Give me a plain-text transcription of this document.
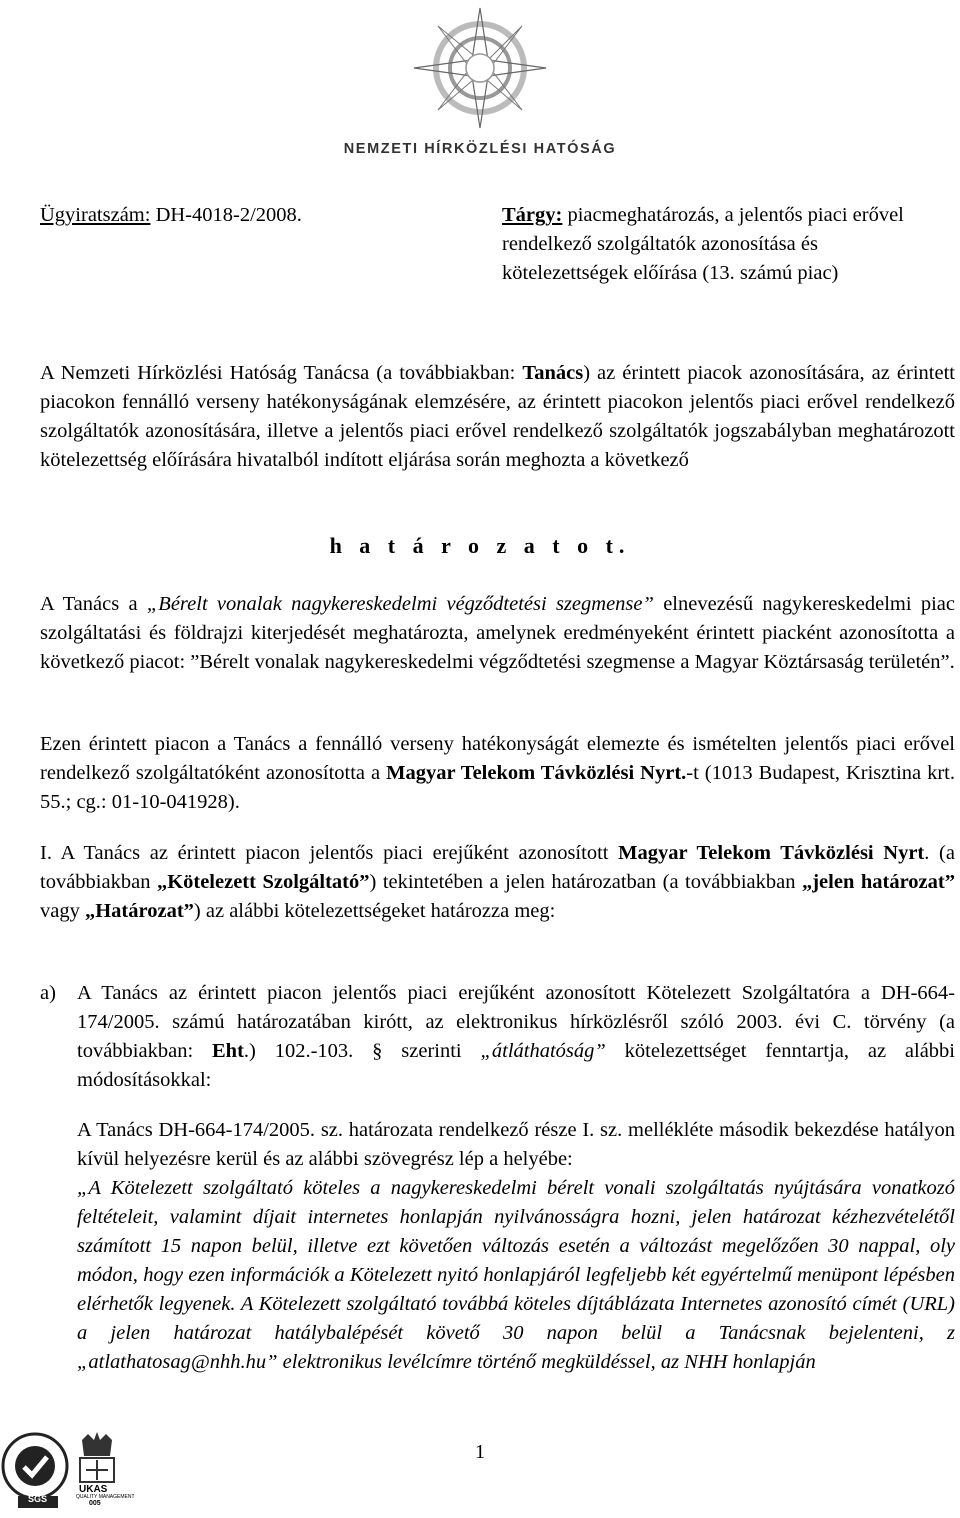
NEMZETI HÍRKÖZLÉSI HATÓSÁG
Ügyiratszám: DH-4018-2/2008.	Tárgy: piacmeghatározás, a jelentős piaci erővel rendelkező szolgáltatók azonosítása és kötelezettségek előírása (13. számú piac)
A Nemzeti Hírközlési Hatóság Tanácsa (a továbbiakban: Tanács) az érintett piacok azonosítására, az érintett piacokon fennálló verseny hatékonyságának elemzésére, az érintett piacokon jelentős piaci erővel rendelkező szolgáltatók azonosítására, illetve a jelentős piaci erővel rendelkező szolgáltatók jogszabályban meghatározott kötelezettség előírására hivatalból indított eljárása során meghozta a következő
h a t á r o z a t o t.
A Tanács a „Bérelt vonalak nagykereskedelmi végződtetési szegmense” elnevezésű nagykereskedelmi piac szolgáltatási és földrajzi kiterjedését meghatározta, amelynek eredményeként érintett piacként azonosította a következő piacot: ”Bérelt vonalak nagykereskedelmi végződtetési szegmense a Magyar Köztársaság területén”.
Ezen érintett piacon a Tanács a fennálló verseny hatékonyságát elemezte és ismételten jelentős piaci erővel rendelkező szolgáltatóként azonosította a Magyar Telekom Távközlési Nyrt.-t (1013 Budapest, Krisztina krt. 55.; cg.: 01-10-041928).
I. A Tanács az érintett piacon jelentős piaci erejűként azonosított Magyar Telekom Távközlési Nyrt. (a továbbiakban „Kötelezett Szolgáltató”) tekintetében a jelen határozatban (a továbbiakban „jelen határozat” vagy „Határozat”) az alábbi kötelezettségeket határozza meg:
a) A Tanács az érintett piacon jelentős piaci erejűként azonosított Kötelezett Szolgáltatóra a DH-664-174/2005. számú határozatában kirótt, az elektronikus hírközlésről szóló 2003. évi C. törvény (a továbbiakban: Eht.) 102.-103. § szerinti „átláthatóság” kötelezettséget fenntartja, az alábbi módosításokkal:
A Tanács DH-664-174/2005. sz. határozata rendelkező része I. sz. mellékléte második bekezdése hatályon kívül helyezésre kerül és az alábbi szövegrész lép a helyébe:
„A Kötelezett szolgáltató köteles a nagykereskedelmi bérelt vonali szolgáltatás nyújtására vonatkozó feltételeit, valamint díjait internetes honlapján nyilvánosságra hozni, jelen határozat kézhezvételétől számított 15 napon belül, illetve ezt követően változás esetén a változást megelőzően 30 nappal, oly módon, hogy ezen információk a Kötelezett nyitó honlapjáról legfeljebb két egyértelmű menüpont lépésben elérhetők legyenek. A Kötelezett szolgáltató továbbá köteles díjtáblázata Internetes azonosító címét (URL) a jelen határozat hatálybalépését követő 30 napon belül a Tanácsnak bejelenteni, z „atlathatosag@nhh.hu” elektronikus levélcímre történő megküldéssel, az NHH honlapján
1
SGS
UKAS
QUALITY MANAGEMENT
005
